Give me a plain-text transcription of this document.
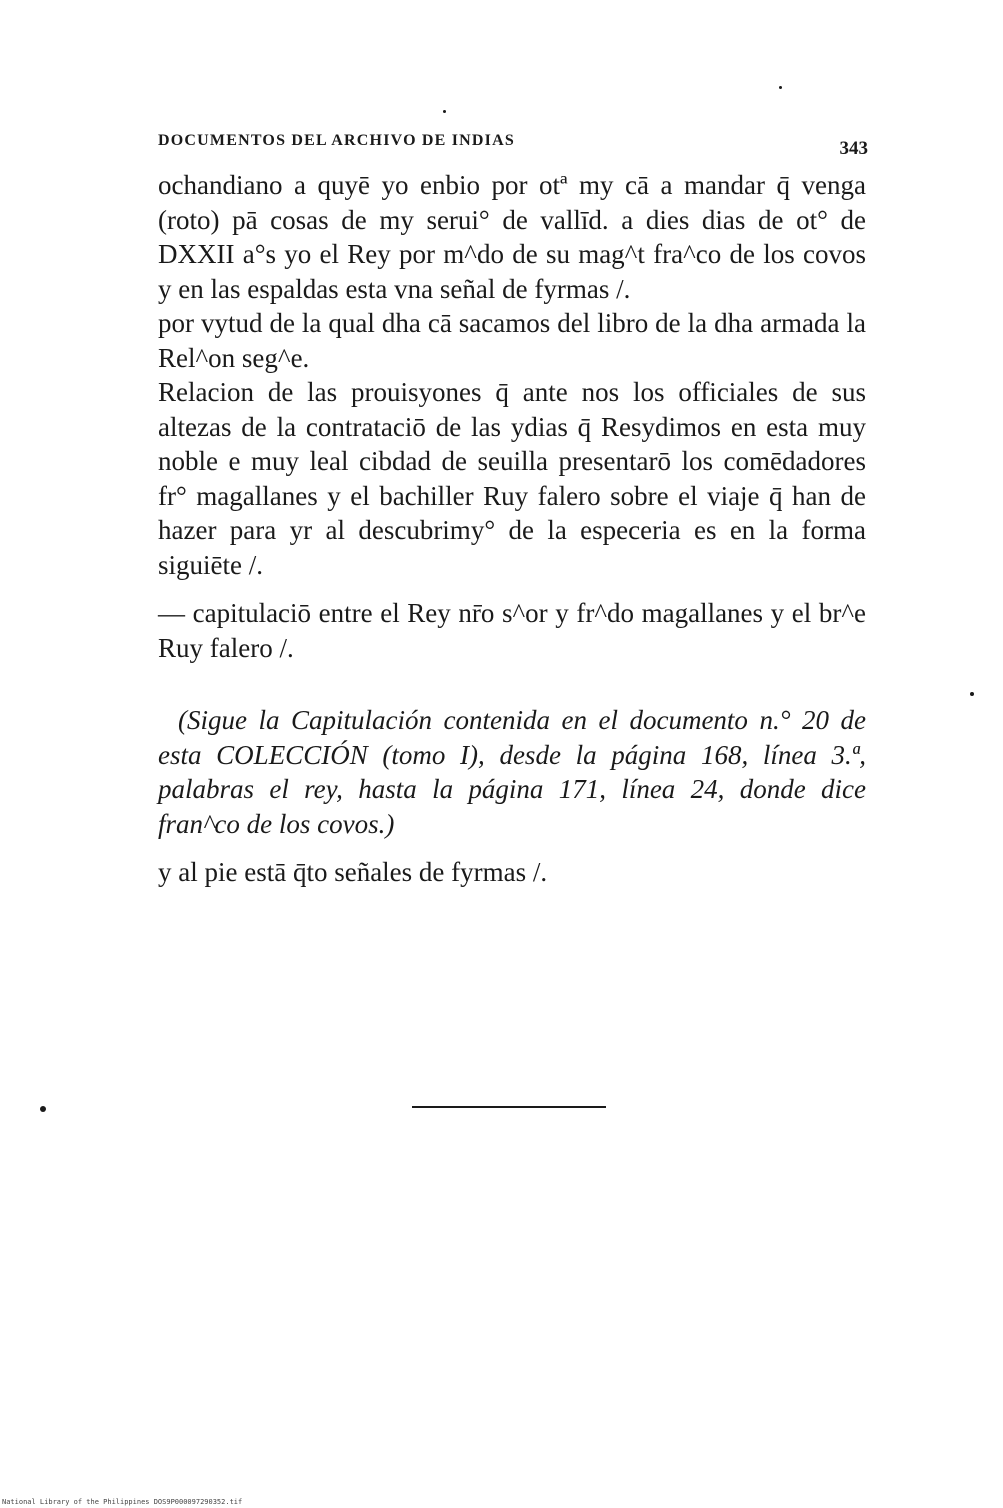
DOCUMENTOS DEL ARCHIVO DE INDIAS	343

ochandiano a quyē yo enbio por otª my cā a mandar q̄ venga (roto) pā cosas de my serui° de vallīd. a dies dias de ot° de DXXII a°s yo el Rey por m^do de su mag^t fra^co de los covos y en las espaldas esta vna señal de fyrmas /.

por vytud de la qual dha cā sacamos del libro de la dha armada la Rel^on seg^e.

Relacion de las prouisyones q̄ ante nos los officiales de sus altezas de la contrataciō de las ydias q̄ Resydimos en esta muy noble e muy leal cibdad de seuilla presentarō los comēdadores fr° magallanes y el bachiller Ruy falero sobre el viaje q̄ han de hazer para yr al descubrimy° de la especeria es en la forma siguiēte /.

— capitulaciō entre el Rey nr̄o s^or y fr^do magallanes y el br^e Ruy falero /.

(Sigue la Capitulación contenida en el documento n.° 20 de esta COLECCIÓN (tomo I), desde la página 168, línea 3.ª, palabras el rey, hasta la página 171, línea 24, donde dice fran^co de los covos.)

y al pie estā q̄to señales de fyrmas /.

National Library of the Philippines DOS9P000097290352.tif
